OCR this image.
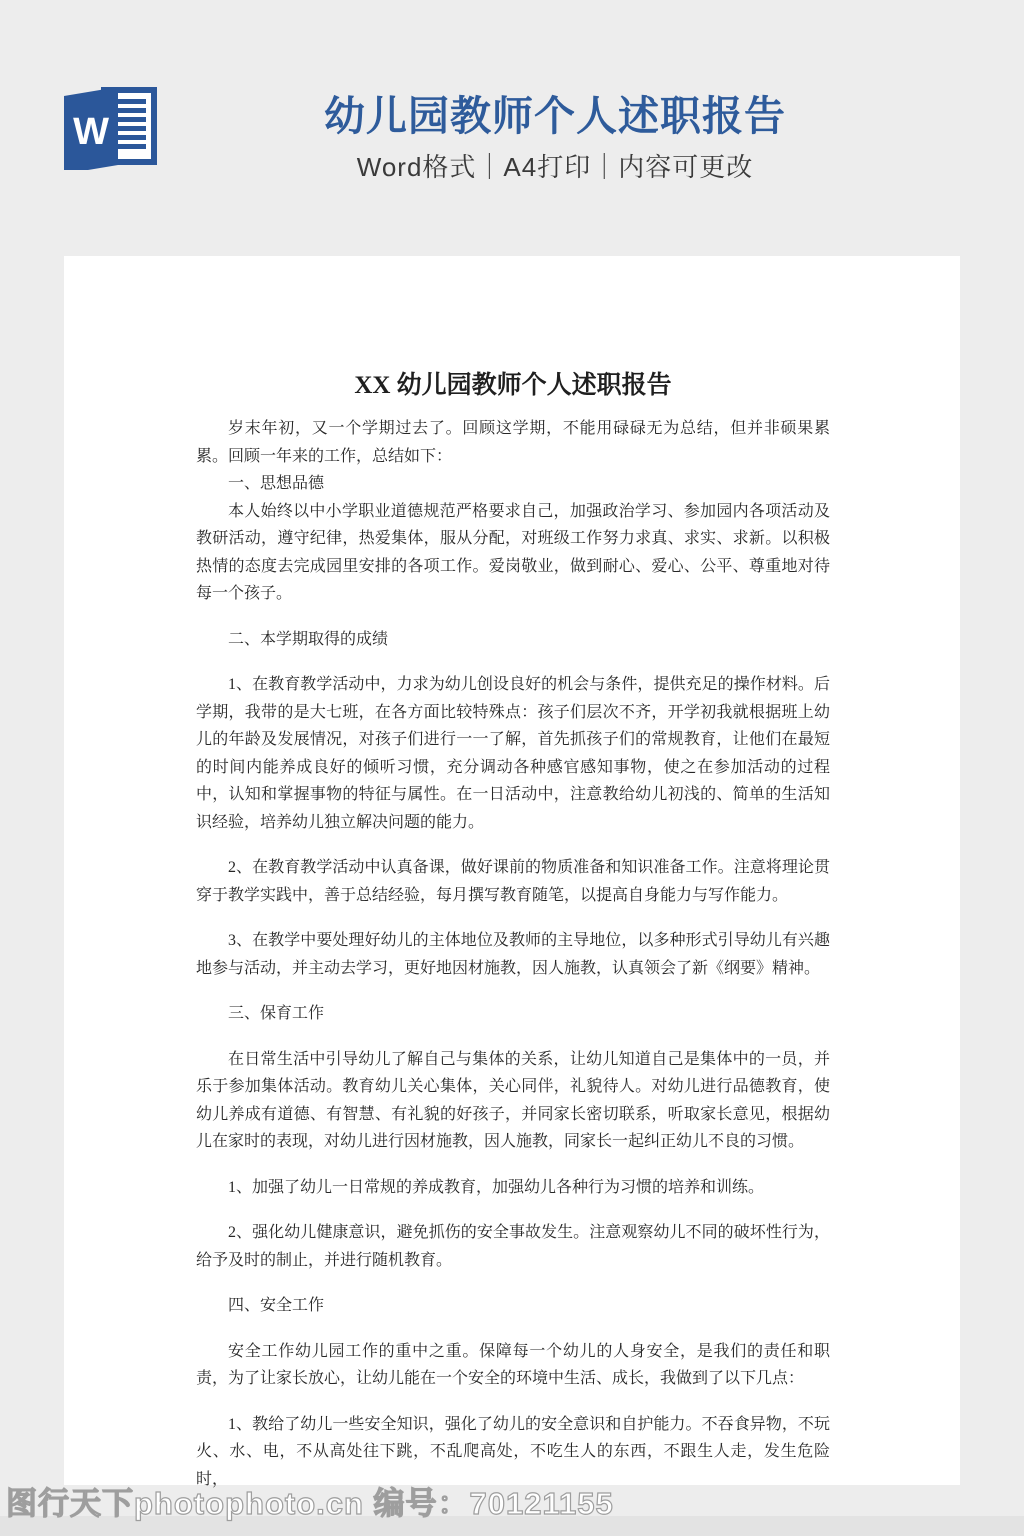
W	幼儿园教师个人述职报告
Word格式｜A4打印｜内容可更改
XX 幼儿园教师个人述职报告

岁末年初，又一个学期过去了。回顾这学期，不能用碌碌无为总结，但并非硕果累累。回顾一年来的工作，总结如下：

一、思想品德

本人始终以中小学职业道德规范严格要求自己，加强政治学习、参加园内各项活动及教研活动，遵守纪律，热爱集体，服从分配，对班级工作努力求真、求实、求新。以积极热情的态度去完成园里安排的各项工作。爱岗敬业，做到耐心、爱心、公平、尊重地对待每一个孩子。

二、本学期取得的成绩

1、在教育教学活动中，力求为幼儿创设良好的机会与条件，提供充足的操作材料。后学期，我带的是大七班，在各方面比较特殊点：孩子们层次不齐，开学初我就根据班上幼儿的年龄及发展情况，对孩子们进行一一了解，首先抓孩子们的常规教育，让他们在最短的时间内能养成良好的倾听习惯，充分调动各种感官感知事物，使之在参加活动的过程中，认知和掌握事物的特征与属性。在一日活动中，注意教给幼儿初浅的、简单的生活知识经验，培养幼儿独立解决问题的能力。

2、在教育教学活动中认真备课，做好课前的物质准备和知识准备工作。注意将理论贯穿于教学实践中，善于总结经验，每月撰写教育随笔，以提高自身能力与写作能力。

3、在教学中要处理好幼儿的主体地位及教师的主导地位，以多种形式引导幼儿有兴趣地参与活动，并主动去学习，更好地因材施教，因人施教，认真领会了新《纲要》精神。

三、保育工作

在日常生活中引导幼儿了解自己与集体的关系，让幼儿知道自己是集体中的一员，并乐于参加集体活动。教育幼儿关心集体，关心同伴，礼貌待人。对幼儿进行品德教育，使幼儿养成有道德、有智慧、有礼貌的好孩子，并同家长密切联系，听取家长意见，根据幼儿在家时的表现，对幼儿进行因材施教，因人施教，同家长一起纠正幼儿不良的习惯。

1、加强了幼儿一日常规的养成教育，加强幼儿各种行为习惯的培养和训练。

2、强化幼儿健康意识，避免抓伤的安全事故发生。注意观察幼儿不同的破坏性行为，给予及时的制止，并进行随机教育。

四、安全工作

安全工作幼儿园工作的重中之重。保障每一个幼儿的人身安全，是我们的责任和职责，为了让家长放心，让幼儿能在一个安全的环境中生活、成长，我做到了以下几点：

1、教给了幼儿一些安全知识，强化了幼儿的安全意识和自护能力。不吞食异物，不玩火、水、电，不从高处往下跳，不乱爬高处，不吃生人的东西，不跟生人走，发生危险时，

图行天下photophoto.cn 编号：70121155
